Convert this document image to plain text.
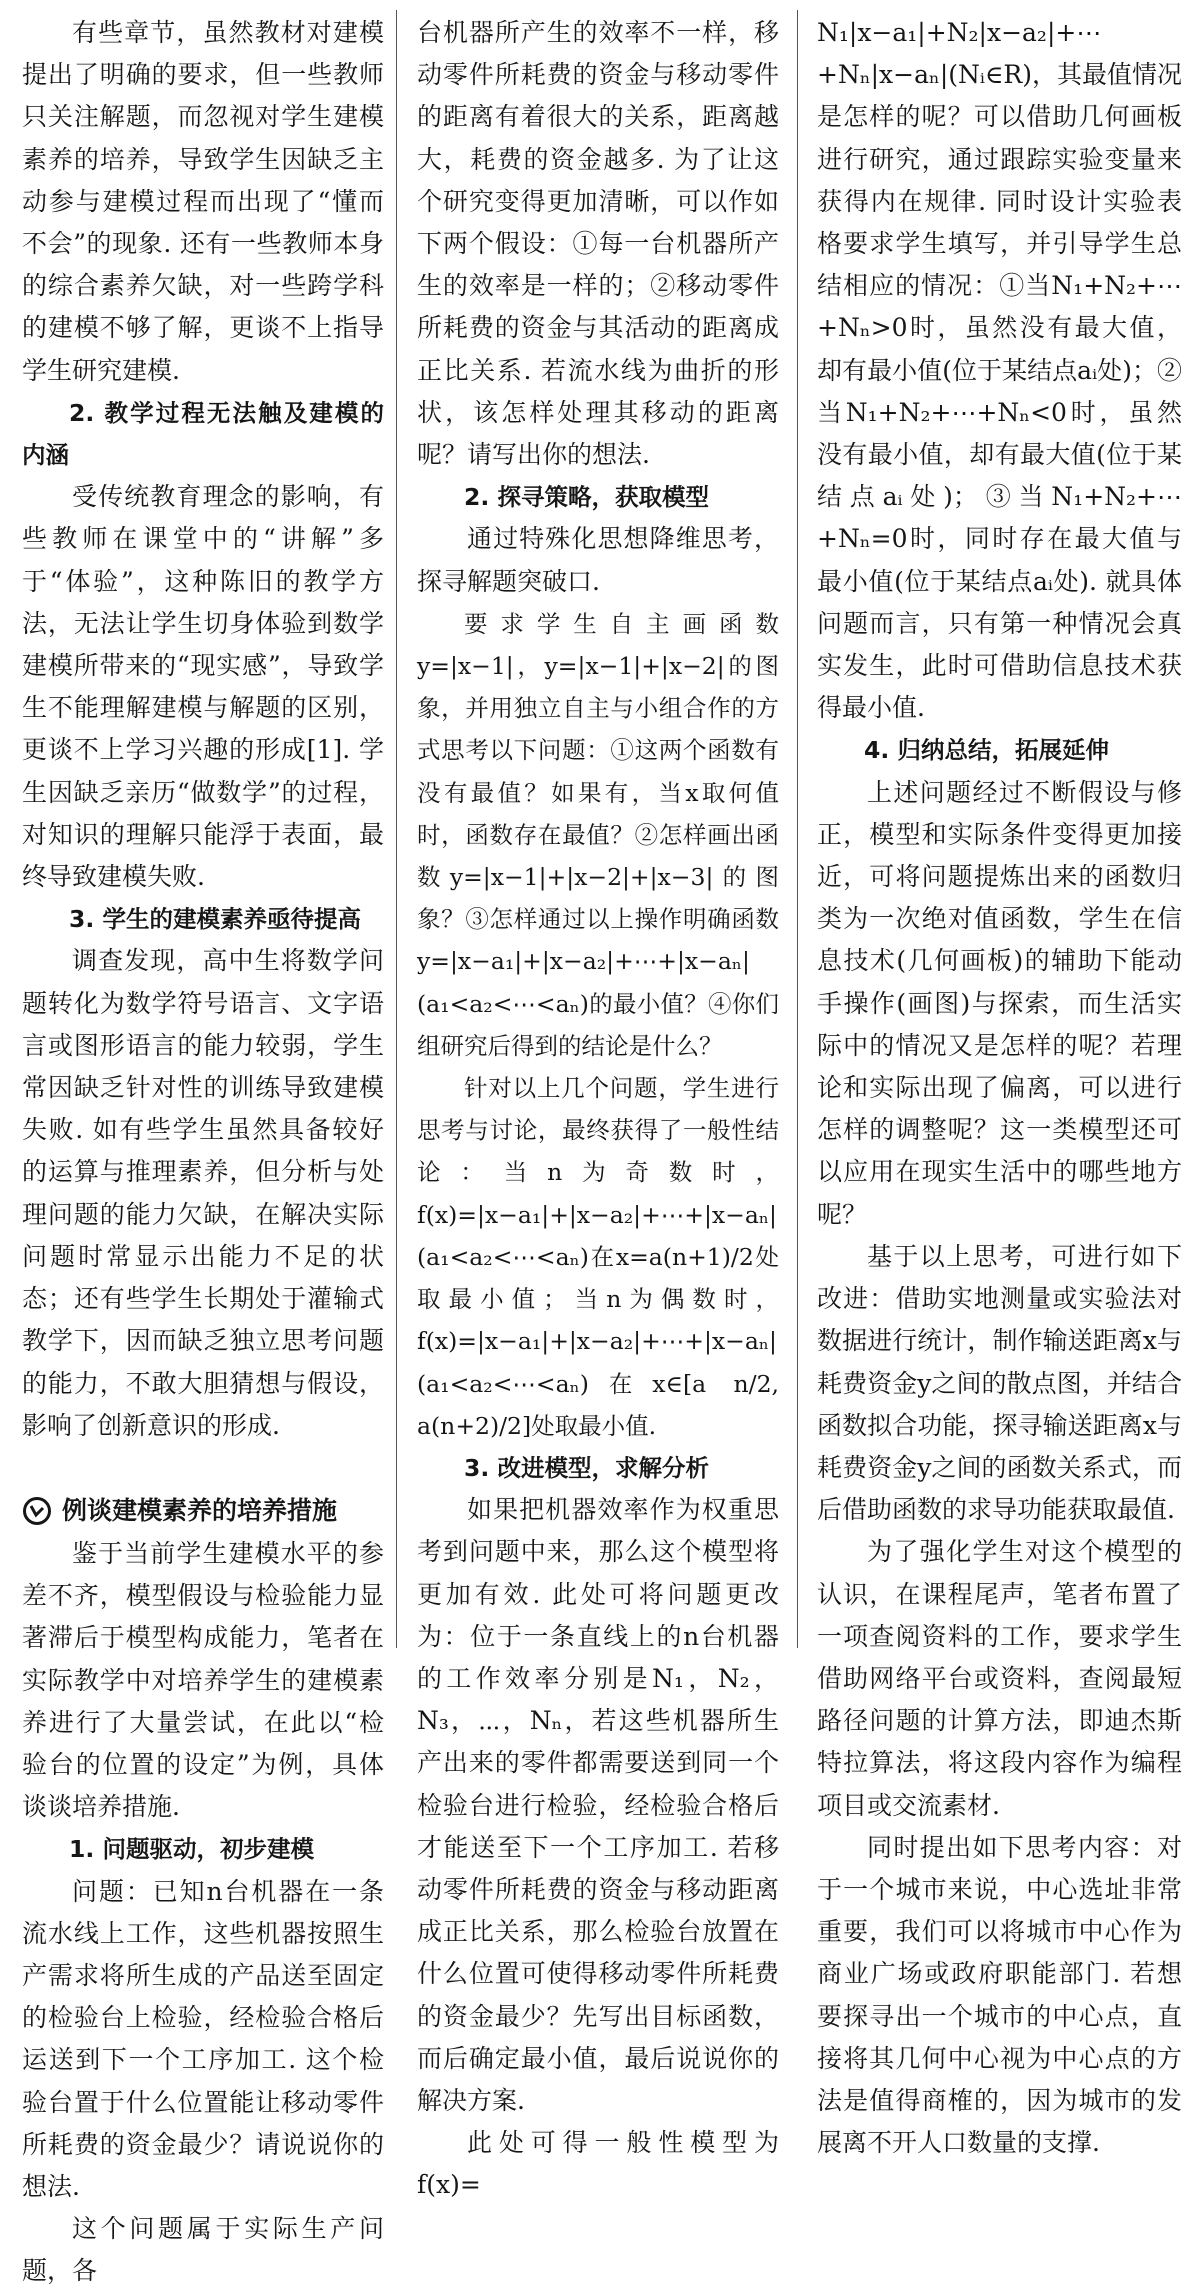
有些章节，虽然教材对建模提出了明确的要求，但一些教师只关注解题，而忽视对学生建模素养的培养，导致学生因缺乏主动参与建模过程而出现了“懂而不会”的现象. 还有一些教师本身的综合素养欠缺，对一些跨学科的建模不够了解，更谈不上指导学生研究建模.

2. 教学过程无法触及建模的内涵

受传统教育理念的影响，有些教师在课堂中的“讲解”多于“体验”，这种陈旧的教学方法，无法让学生切身体验到数学建模所带来的“现实感”，导致学生不能理解建模与解题的区别，更谈不上学习兴趣的形成[1]. 学生因缺乏亲历“做数学”的过程，对知识的理解只能浮于表面，最终导致建模失败.

3. 学生的建模素养亟待提高

调查发现，高中生将数学问题转化为数学符号语言、文字语言或图形语言的能力较弱，学生常因缺乏针对性的训练导致建模失败. 如有些学生虽然具备较好的运算与推理素养，但分析与处理问题的能力欠缺，在解决实际问题时常显示出能力不足的状态；还有些学生长期处于灌输式教学下，因而缺乏独立思考问题的能力，不敢大胆猜想与假设，影响了创新意识的形成.

例谈建模素养的培养措施

鉴于当前学生建模水平的参差不齐，模型假设与检验能力显著滞后于模型构成能力，笔者在实际教学中对培养学生的建模素养进行了大量尝试，在此以“检验台的位置的设定”为例，具体谈谈培养措施.

1. 问题驱动，初步建模

问题：已知n台机器在一条流水线上工作，这些机器按照生产需求将所生成的产品送至固定的检验台上检验，经检验合格后运送到下一个工序加工. 这个检验台置于什么位置能让移动零件所耗费的资金最少？请说说你的想法.

这个问题属于实际生产问题，各

台机器所产生的效率不一样，移动零件所耗费的资金与移动零件的距离有着很大的关系，距离越大，耗费的资金越多. 为了让这个研究变得更加清晰，可以作如下两个假设：①每一台机器所产生的效率是一样的；②移动零件所耗费的资金与其活动的距离成正比关系. 若流水线为曲折的形状，该怎样处理其移动的距离呢？请写出你的想法.

2. 探寻策略，获取模型

通过特殊化思想降维思考，探寻解题突破口.

要求学生自主画函数y=|x−1|，y=|x−1|+|x−2|的图象，并用独立自主与小组合作的方式思考以下问题：①这两个函数有没有最值？如果有，当x取何值时，函数存在最值？②怎样画出函数y=|x−1|+|x−2|+|x−3|的图象？③怎样通过以上操作明确函数y=|x−a₁|+|x−a₂|+⋯+|x−aₙ|(a₁<a₂<⋯<aₙ)的最小值？④你们组研究后得到的结论是什么？

针对以上几个问题，学生进行思考与讨论，最终获得了一般性结论：当n为奇数时，f(x)=|x−a₁|+|x−a₂|+⋯+|x−aₙ|(a₁<a₂<⋯<aₙ)在x=a(n+1)/2处取最小值；当n为偶数时，f(x)=|x−a₁|+|x−a₂|+⋯+|x−aₙ|(a₁<a₂<⋯<aₙ)在x∈[a n/2, a(n+2)/2]处取最小值.

3. 改进模型，求解分析

如果把机器效率作为权重思考到问题中来，那么这个模型将更加有效. 此处可将问题更改为：位于一条直线上的n台机器的工作效率分别是N₁，N₂，N₃，⋯，Nₙ，若这些机器所生产出来的零件都需要送到同一个检验台进行检验，经检验合格后才能送至下一个工序加工. 若移动零件所耗费的资金与移动距离成正比关系，那么检验台放置在什么位置可使得移动零件所耗费的资金最少？先写出目标函数，而后确定最小值，最后说说你的解决方案.

此处可得一般性模型为f(x)=

N₁|x−a₁|+N₂|x−a₂|+⋯+Nₙ|x−aₙ|(Nᵢ∈R)，其最值情况是怎样的呢？可以借助几何画板进行研究，通过跟踪实验变量来获得内在规律. 同时设计实验表格要求学生填写，并引导学生总结相应的情况：①当N₁+N₂+⋯+Nₙ>0时，虽然没有最大值，却有最小值(位于某结点aᵢ处)；②当N₁+N₂+⋯+Nₙ<0时，虽然没有最小值，却有最大值(位于某结点aᵢ处)；③当N₁+N₂+⋯+Nₙ=0时，同时存在最大值与最小值(位于某结点aᵢ处). 就具体问题而言，只有第一种情况会真实发生，此时可借助信息技术获得最小值.

4. 归纳总结，拓展延伸

上述问题经过不断假设与修正，模型和实际条件变得更加接近，可将问题提炼出来的函数归类为一次绝对值函数，学生在信息技术(几何画板)的辅助下能动手操作(画图)与探索，而生活实际中的情况又是怎样的呢？若理论和实际出现了偏离，可以进行怎样的调整呢？这一类模型还可以应用在现实生活中的哪些地方呢？

基于以上思考，可进行如下改进：借助实地测量或实验法对数据进行统计，制作输送距离x与耗费资金y之间的散点图，并结合函数拟合功能，探寻输送距离x与耗费资金y之间的函数关系式，而后借助函数的求导功能获取最值.

为了强化学生对这个模型的认识，在课程尾声，笔者布置了一项查阅资料的工作，要求学生借助网络平台或资料，查阅最短路径问题的计算方法，即迪杰斯特拉算法，将这段内容作为编程项目或交流素材.

同时提出如下思考内容：对于一个城市来说，中心选址非常重要，我们可以将城市中心作为商业广场或政府职能部门. 若想要探寻出一个城市的中心点，直接将其几何中心视为中心点的方法是值得商榷的，因为城市的发展离不开人口数量的支撑.
